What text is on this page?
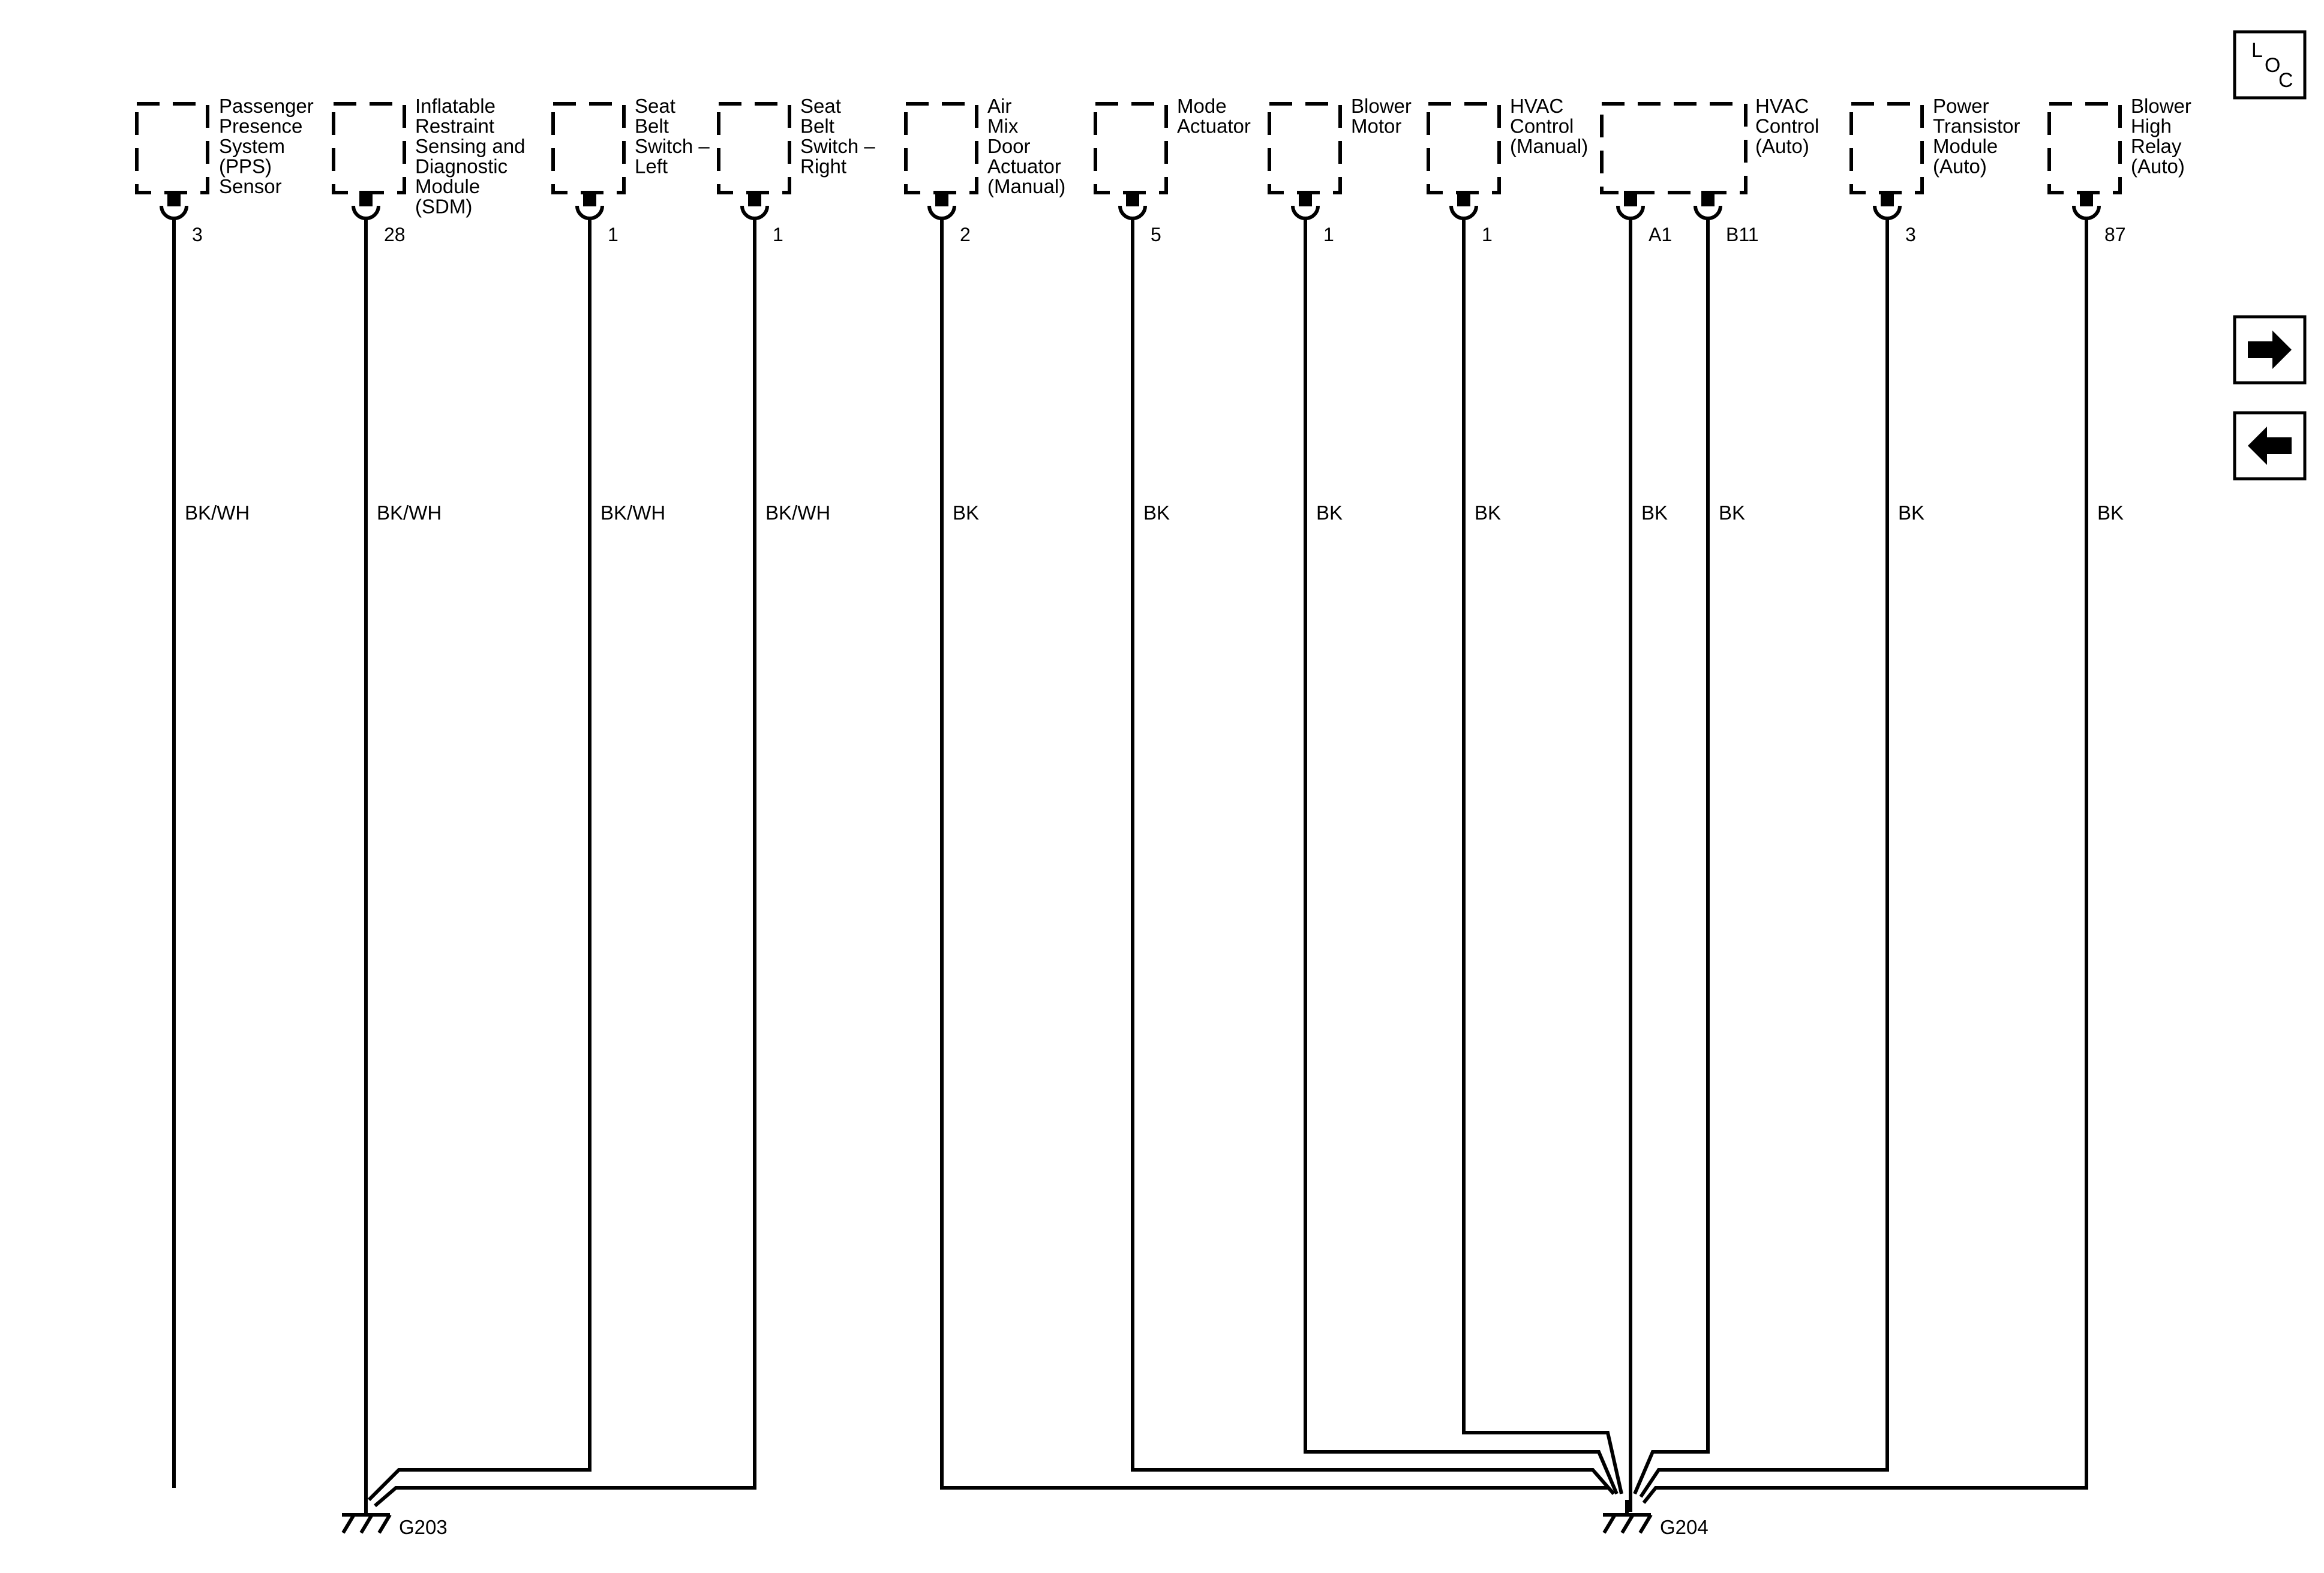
Passenger
Presence
System
(PPS)
Sensor
3
BK/WH
Inflatable
Restraint
Sensing and
Diagnostic
Module
(SDM)
28
BK/WH
Seat
Belt
Switch –
Left
1
BK/WH
Seat
Belt
Switch –
Right
1
BK/WH
Air
Mix
Door
Actuator
(Manual)
2
BK
Mode
Actuator
5
BK
Blower
Motor
1
BK
HVAC
Control
(Manual)
1
BK
HVAC
Control
(Auto)
A1
BK
B11
BK
Power
Transistor
Module
(Auto)
3
BK
Blower
High
Relay
(Auto)
87
BK
G203	G204
L
O
C
